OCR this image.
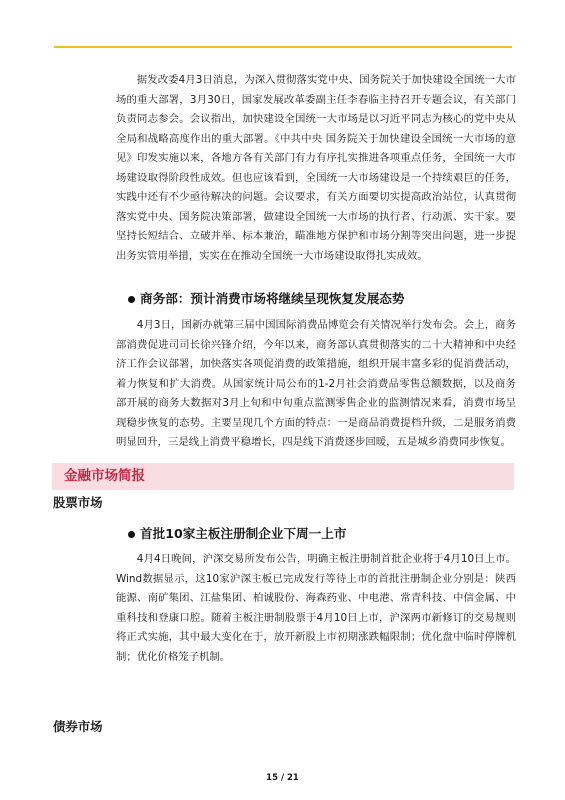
据发改委4月3日消息，为深入贯彻落实党中央、国务院关于加快建设全国统一大市场的重大部署，3月30日，国家发展改革委副主任李春临主持召开专题会议，有关部门负责同志参会。会议指出，加快建设全国统一大市场是以习近平同志为核心的党中央从全局和战略高度作出的重大部署。《中共中央 国务院关于加快建设全国统一大市场的意见》印发实施以来，各地方各有关部门有力有序扎实推进各项重点任务，全国统一大市场建设取得阶段性成效。但也应该看到，全国统一大市场建设是一个持续艰巨的任务，实践中还有不少亟待解决的问题。会议要求，有关方面要切实提高政治站位，认真贯彻落实党中央、国务院决策部署，做建设全国统一大市场的执行者、行动派、实干家。要坚持长短结合、立破并举、标本兼治，瞄准地方保护和市场分割等突出问题，进一步提出务实管用举措，实实在在推动全国统一大市场建设取得扎实成效。

商务部：预计消费市场将继续呈现恢复发展态势

4月3日，国新办就第三届中国国际消费品博览会有关情况举行发布会。会上，商务部消费促进司司长徐兴锋介绍，今年以来，商务部认真贯彻落实的二十大精神和中央经济工作会议部署，加快落实各项促消费的政策措施，组织开展丰富多彩的促消费活动，着力恢复和扩大消费。从国家统计局公布的1-2月社会消费品零售总额数据，以及商务部开展的商务大数据对3月上旬和中旬重点监测零售企业的监测情况来看，消费市场呈现稳步恢复的态势。主要呈现几个方面的特点：一是商品消费提档升级，二是服务消费明显回升，三是线上消费平稳增长，四是线下消费逐步回暖，五是城乡消费同步恢复。

金融市场简报

股票市场

首批10家主板注册制企业下周一上市

4月4日晚间，沪深交易所发布公告，明确主板注册制首批企业将于4月10日上市。Wind数据显示，这10家沪深主板已完成发行等待上市的首批注册制企业分别是：陕西能源、南矿集团、江盐集团、柏诚股份、海森药业、中电港、常青科技、中信金属、中重科技和登康口腔。随着主板注册制股票于4月10日上市，沪深两市新修订的交易规则将正式实施，其中最大变化在于，放开新股上市初期涨跌幅限制；优化盘中临时停牌机制；优化价格笼子机制。

债券市场

15 / 21
